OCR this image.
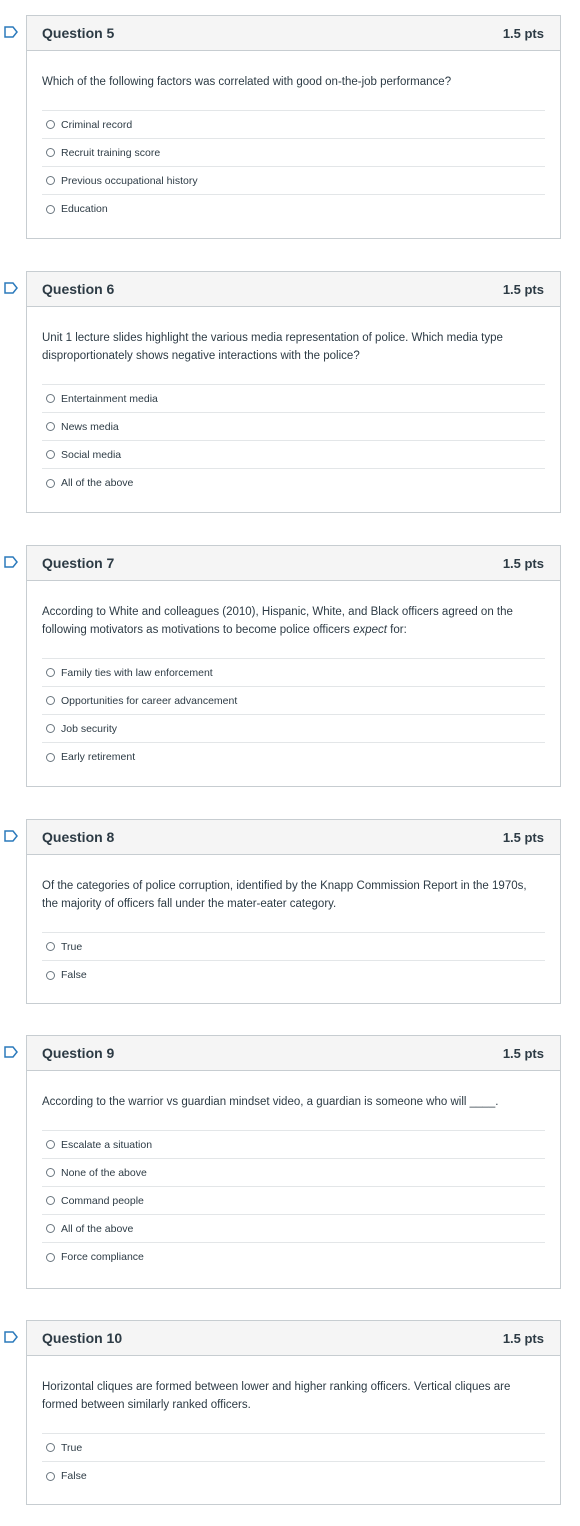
Question 5	1.5 pts

Which of the following factors was correlated with good on-the-job performance?

Criminal record
Recruit training score
Previous occupational history
Education
Question 6	1.5 pts

Unit 1 lecture slides highlight the various media representation of police. Which media type disproportionately shows negative interactions with the police?

Entertainment media
News media
Social media
All of the above
Question 7	1.5 pts

According to White and colleagues (2010), Hispanic, White, and Black officers agreed on the following motivators as motivations to become police officers expect for:

Family ties with law enforcement
Opportunities for career advancement
Job security
Early retirement
Question 8	1.5 pts

Of the categories of police corruption, identified by the Knapp Commission Report in the 1970s, the majority of officers fall under the mater-eater category.

True
False
Question 9	1.5 pts

According to the warrior vs guardian mindset video, a guardian is someone who will ____.

Escalate a situation
None of the above
Command people
All of the above
Force compliance
Question 10	1.5 pts

Horizontal cliques are formed between lower and higher ranking officers. Vertical cliques are formed between similarly ranked officers.

True
False
